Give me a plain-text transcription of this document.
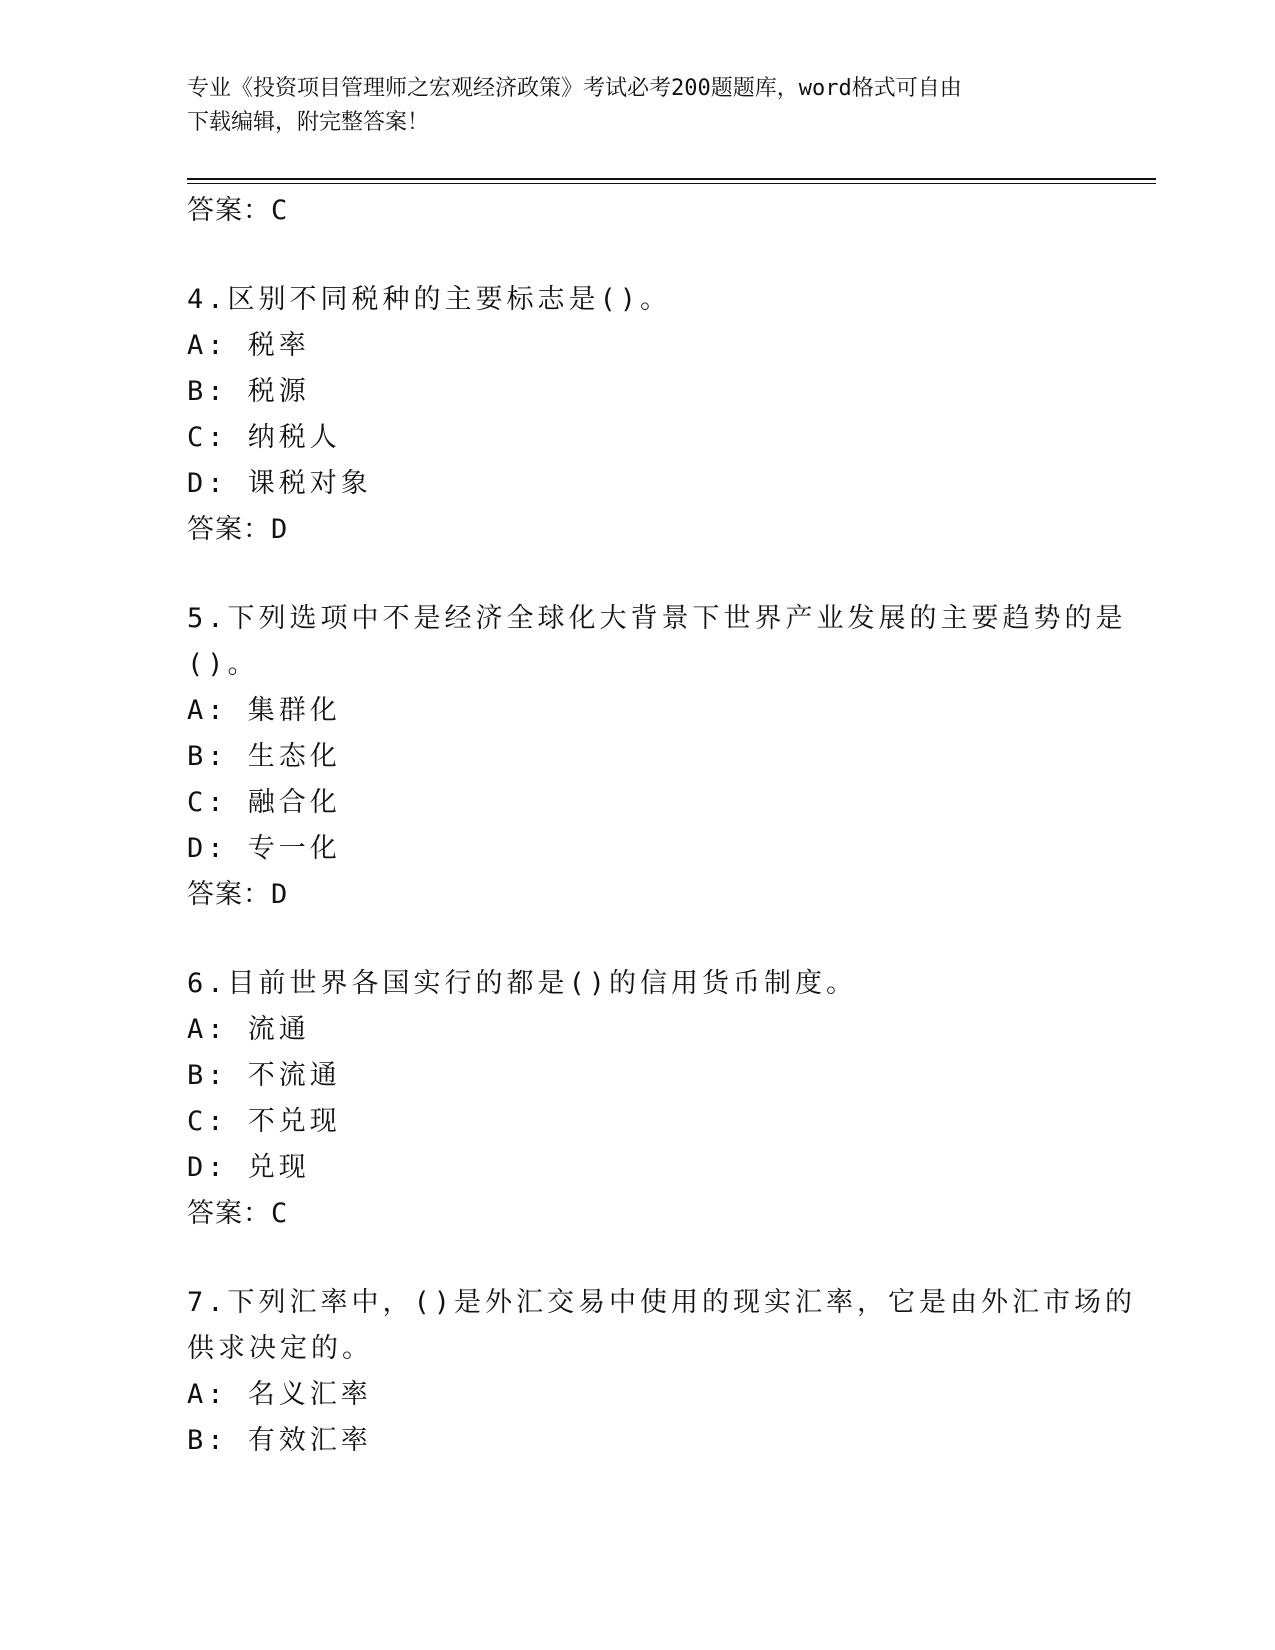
专业《投资项目管理师之宏观经济政策》考试必考200题题库，word格式可自由
下载编辑，附完整答案！
答案：C
4.区别不同税种的主要标志是()。
A: 税率
B: 税源
C: 纳税人
D: 课税对象
答案：D
5.下列选项中不是经济全球化大背景下世界产业发展的主要趋势的是
()。
A: 集群化
B: 生态化
C: 融合化
D: 专一化
答案：D
6.目前世界各国实行的都是()的信用货币制度。
A: 流通
B: 不流通
C: 不兑现
D: 兑现
答案：C
7.下列汇率中，()是外汇交易中使用的现实汇率，它是由外汇市场的
供求决定的。
A: 名义汇率
B: 有效汇率
